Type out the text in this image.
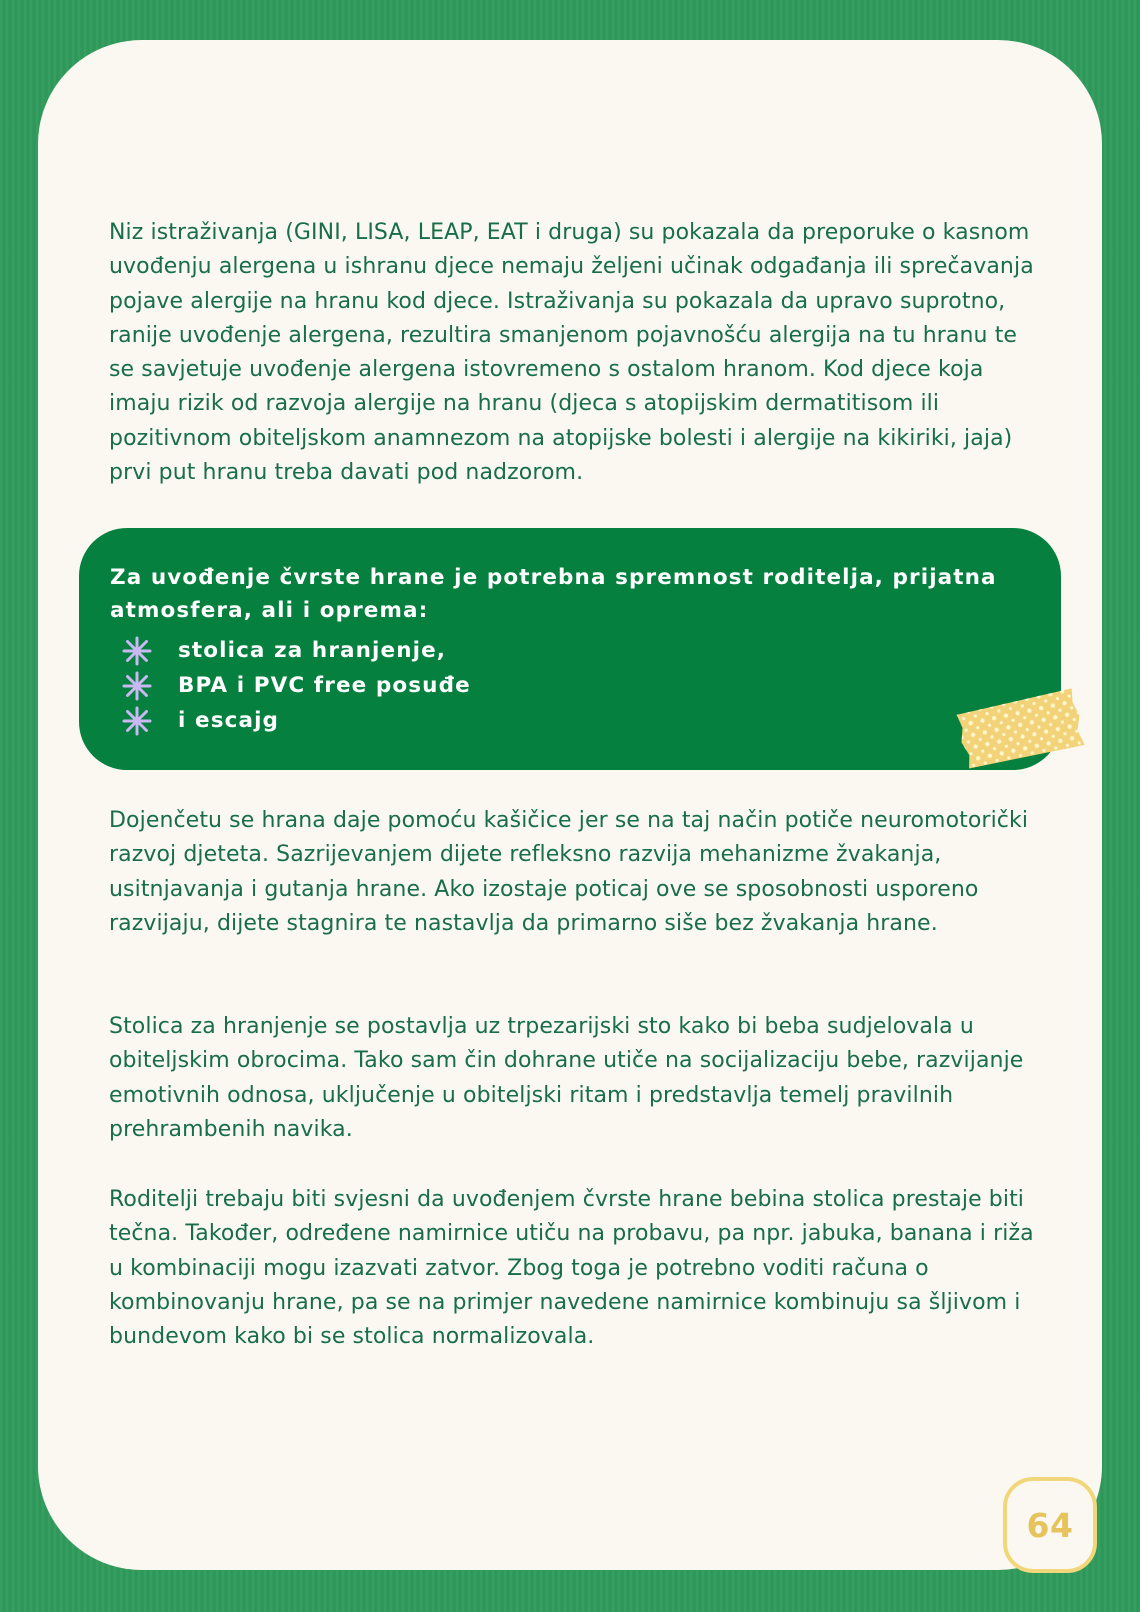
Niz istraživanja (GINI, LISA, LEAP, EAT i druga) su pokazala da preporuke o kasnom uvođenju alergena u ishranu djece nemaju željeni učinak odgađanja ili sprečavanja pojave alergije na hranu kod djece. Istraživanja su pokazala da upravo suprotno, ranije uvođenje alergena, rezultira smanjenom pojavnošću alergija na tu hranu te se savjetuje uvođenje alergena istovremeno s ostalom hranom. Kod djece koja imaju rizik od razvoja alergije na hranu (djeca s atopijskim dermatitisom ili pozitivnom obiteljskom anamnezom na atopijske bolesti i alergije na kikiriki, jaja) prvi put hranu treba davati pod nadzorom.

Za uvođenje čvrste hrane je potrebna spremnost roditelja, prijatna atmosfera, ali i oprema:

stolica za hranjenje,
BPA i PVC free posuđe
i escajg

Dojenčetu se hrana daje pomoću kašičice jer se na taj način potiče neuromotorički razvoj djeteta. Sazrijevanjem dijete refleksno razvija mehanizme žvakanja, usitnjavanja i gutanja hrane. Ako izostaje poticaj ove se sposobnosti usporeno razvijaju, dijete stagnira te nastavlja da primarno siše bez žvakanja hrane.

Stolica za hranjenje se postavlja uz trpezarijski sto kako bi beba sudjelovala u obiteljskim obrocima. Tako sam čin dohrane utiče na socijalizaciju bebe, razvijanje emotivnih odnosa, uključenje u obiteljski ritam i predstavlja temelj pravilnih prehrambenih navika.

Roditelji trebaju biti svjesni da uvođenjem čvrste hrane bebina stolica prestaje biti tečna. Također, određene namirnice utiču na probavu, pa npr. jabuka, banana i riža u kombinaciji mogu izazvati zatvor. Zbog toga je potrebno voditi računa o kombinovanju hrane, pa se na primjer navedene namirnice kombinuju sa šljivom i bundevom kako bi se stolica normalizovala.

64
